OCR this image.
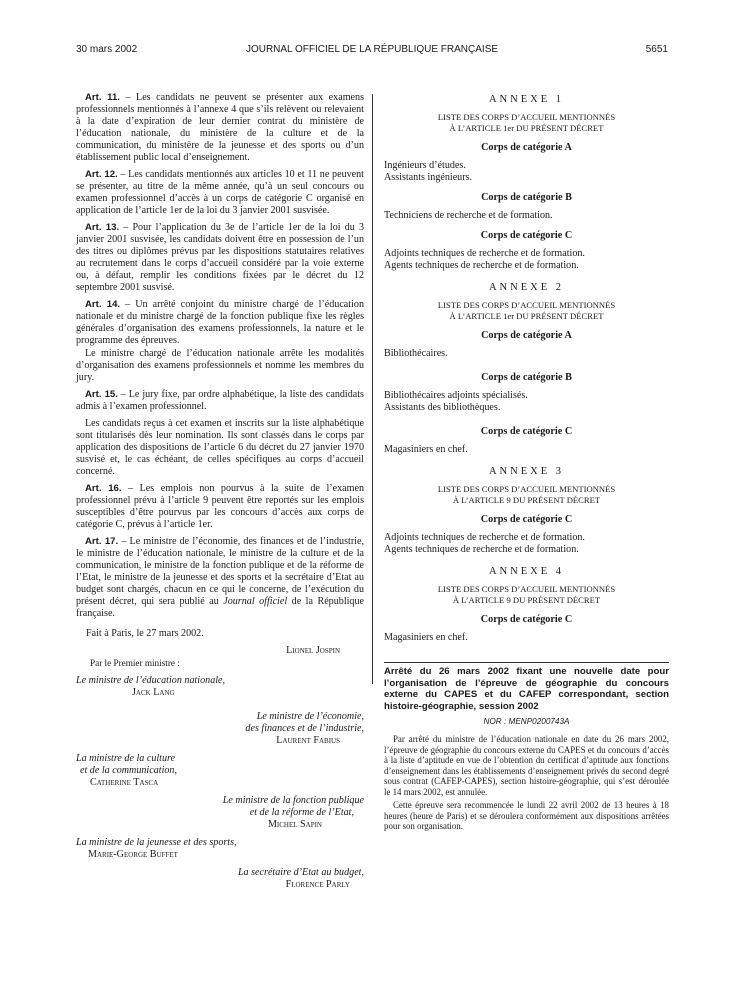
30 mars 2002	JOURNAL OFFICIEL DE LA RÉPUBLIQUE FRANÇAISE	5651

Art. 11. – Les candidats ne peuvent se présenter aux examens professionnels mentionnés à l’annexe 4 que s’ils relèvent ou relevaient à la date d’expiration de leur dernier contrat du ministère de l’éducation nationale, du ministère de la culture et de la communication, du ministère de la jeunesse et des sports ou d’un établissement public local d’enseignement.

Art. 12. – Les candidats mentionnés aux articles 10 et 11 ne peuvent se présenter, au titre de la même année, qu’à un seul concours ou examen professionnel d’accès à un corps de catégorie C organisé en application de l’article 1er de la loi du 3 janvier 2001 susvisée.

Art. 13. – Pour l’application du 3e de l’article 1er de la loi du 3 janvier 2001 susvisée, les candidats doivent être en possession de l’un des titres ou diplômes prévus par les dispositions statutaires relatives au recrutement dans le corps d’accueil considéré par la voie externe ou, à défaut, remplir les conditions fixées par le décret du 12 septembre 2001 susvisé.

Art. 14. – Un arrêté conjoint du ministre chargé de l’éducation nationale et du ministre chargé de la fonction publique fixe les règles générales d’organisation des examens professionnels, la nature et le programme des épreuves.

Le ministre chargé de l’éducation nationale arrête les modalités d’organisation des examens professionnels et nomme les membres du jury.

Art. 15. – Le jury fixe, par ordre alphabétique, la liste des candidats admis à l’examen professionnel.

Les candidats reçus à cet examen et inscrits sur la liste alphabétique sont titularisés dès leur nomination. Ils sont classés dans le corps par application des dispositions de l’article 6 du décret du 27 janvier 1970 susvisé et, le cas échéant, de celles spécifiques au corps d’accueil concerné.

Art. 16. – Les emplois non pourvus à la suite de l’examen professionnel prévu à l’article 9 peuvent être reportés sur les emplois susceptibles d’être pourvus par les concours d’accès aux corps de catégorie C, prévus à l’article 1er.

Art. 17. – Le ministre de l’économie, des finances et de l’industrie, le ministre de l’éducation nationale, le ministre de la culture et de la communication, le ministre de la fonction publique et de la réforme de l’Etat, le ministre de la jeunesse et des sports et la secrétaire d’Etat au budget sont chargés, chacun en ce qui le concerne, de l’exécution du présent décret, qui sera publié au Journal officiel de la République française.

Fait à Paris, le 27 mars 2002.

Lionel Jospin

Par le Premier ministre :

Le ministre de l’éducation nationale,

Jack Lang

Le ministre de l’économie,

des finances et de l’industrie,

Laurent Fabius

La ministre de la culture

et de la communication,

Catherine Tasca

Le ministre de la fonction publique

et de la réforme de l’Etat,

Michel Sapin

La ministre de la jeunesse et des sports,

Marie-George Buffet

La secrétaire d’Etat au budget,

Florence Parly

ANNEXE 1

LISTE DES CORPS D’ACCUEIL MENTIONNÉS

À L’ARTICLE 1er DU PRÉSENT DÉCRET

Corps de catégorie A

Ingénieurs d’études.

Assistants ingénieurs.

Corps de catégorie B

Techniciens de recherche et de formation.

Corps de catégorie C

Adjoints techniques de recherche et de formation.

Agents techniques de recherche et de formation.

ANNEXE 2

LISTE DES CORPS D’ACCUEIL MENTIONNÉS

À L’ARTICLE 1er DU PRÉSENT DÉCRET

Corps de catégorie A

Bibliothécaires.

Corps de catégorie B

Bibliothécaires adjoints spécialisés.

Assistants des bibliothèques.

Corps de catégorie C

Magasiniers en chef.

ANNEXE 3

LISTE DES CORPS D’ACCUEIL MENTIONNÉS

À L’ARTICLE 9 DU PRÉSENT DÉCRET

Corps de catégorie C

Adjoints techniques de recherche et de formation.

Agents techniques de recherche et de formation.

ANNEXE 4

LISTE DES CORPS D’ACCUEIL MENTIONNÉS

À L’ARTICLE 9 DU PRÉSENT DÉCRET

Corps de catégorie C

Magasiniers en chef.

Arrêté du 26 mars 2002 fixant une nouvelle date pour l’organisation de l’épreuve de géographie du concours externe du CAPES et du CAFEP correspondant, section histoire-géographie, session 2002

NOR : MENP0200743A

Par arrêté du ministre de l’éducation nationale en date du 26 mars 2002, l’épreuve de géographie du concours externe du CAPES et du concours d’accès à la liste d’aptitude en vue de l’obtention du certificat d’aptitude aux fonctions d’enseignement dans les établissements d’enseignement privés du second degré sous contrat (CAFEP-CAPES), section histoire-géographie, qui s’est déroulée le 14 mars 2002, est annulée.

Cette épreuve sera recommencée le lundi 22 avril 2002 de 13 heures à 18 heures (heure de Paris) et se déroulera conformément aux dispositions arrêtées pour son organisation.
